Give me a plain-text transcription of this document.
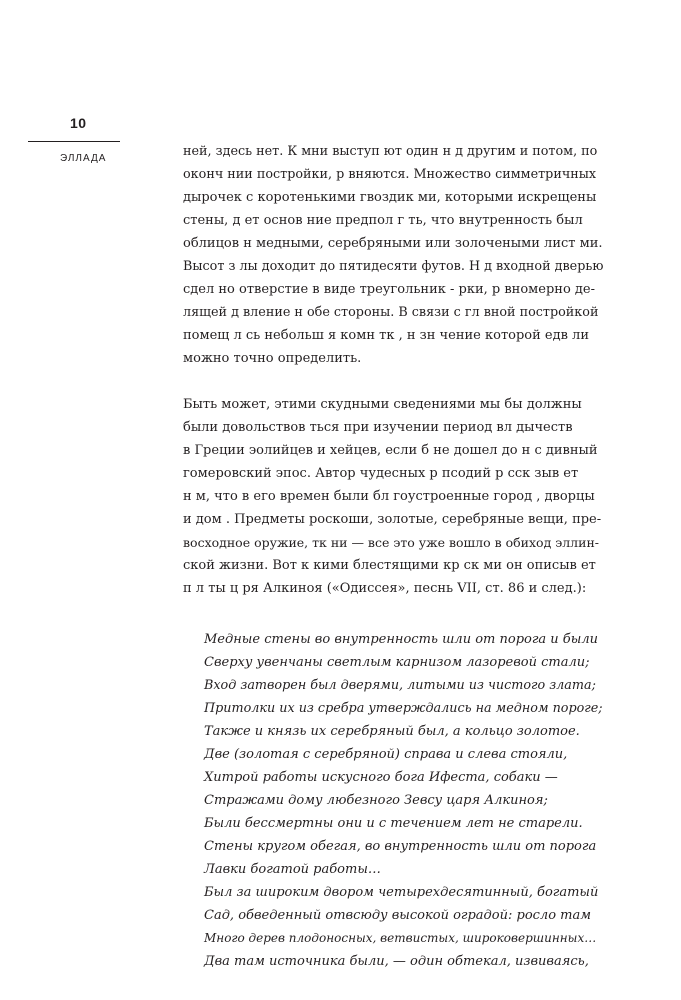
10
ЭЛЛАДА	ней, здесь нет. К мни выступ ют один н д другим и потом, по
оконч нии постройки, р вняются. Множество симметричных
дырочек с коротенькими гвоздик ми, которыми искрещены
стены, д ет основ ние предпол г ть, что внутренность был
облицов н медными, серебряными или золочеными лист ми.
Высот з лы доходит до пятидесяти футов. Н д входной дверью
сдел но отверстие в виде треугольник - рки, р вномерно де-
лящей д вление н обе стороны. В связи с гл вной постройкой
помещ л сь небольш я комн тк , н зн чение которой едв ли
можно точно определить.
Быть может, этими скудными сведениями мы бы должны
были довольствов ться при изучении период вл дычеств
в Греции эолийцев и хейцев, если б не дошел до н с дивный
гомеровский эпос. Автор чудесных р псодий р сск зыв ет
н м, что в его времен были бл гоустроенные город , дворцы
и дом . Предметы роскоши, золотые, серебряные вещи, пре-
восходное оружие, тк ни — все это уже вошло в обиход эллин-
ской жизни. Вот к кими блестящими кр ск ми он описыв ет
п л ты ц ря Алкиноя («Одиссея», песнь VII, ст. 86 и след.):
Медные стены во внутренность шли от порога и были
Сверху увенчаны светлым карнизом лазоревой стали;
Вход затворен был дверями, литыми из чистого злата;
Притолки их из сребра утверждались на медном пороге;
Также и князь их серебряный был, а кольцо золотое.
Две (золотая с серебряной) справа и слева стояли,
Хитрой работы искусного бога Ифеста, собаки —
Стражами дому любезного Зевсу царя Алкиноя;
Были бессмертны они и с течением лет не старели.
Стены кругом обегая, во внутренность шли от порога
Лавки богатой работы…
Был за широким двором четырехдесятинный, богатый
Сад, обведенный отвсюду высокой оградой: росло там
Много дерев плодоносных, ветвистых, широковершинных…
Два там источника были, — один обтекал, извиваясь,
